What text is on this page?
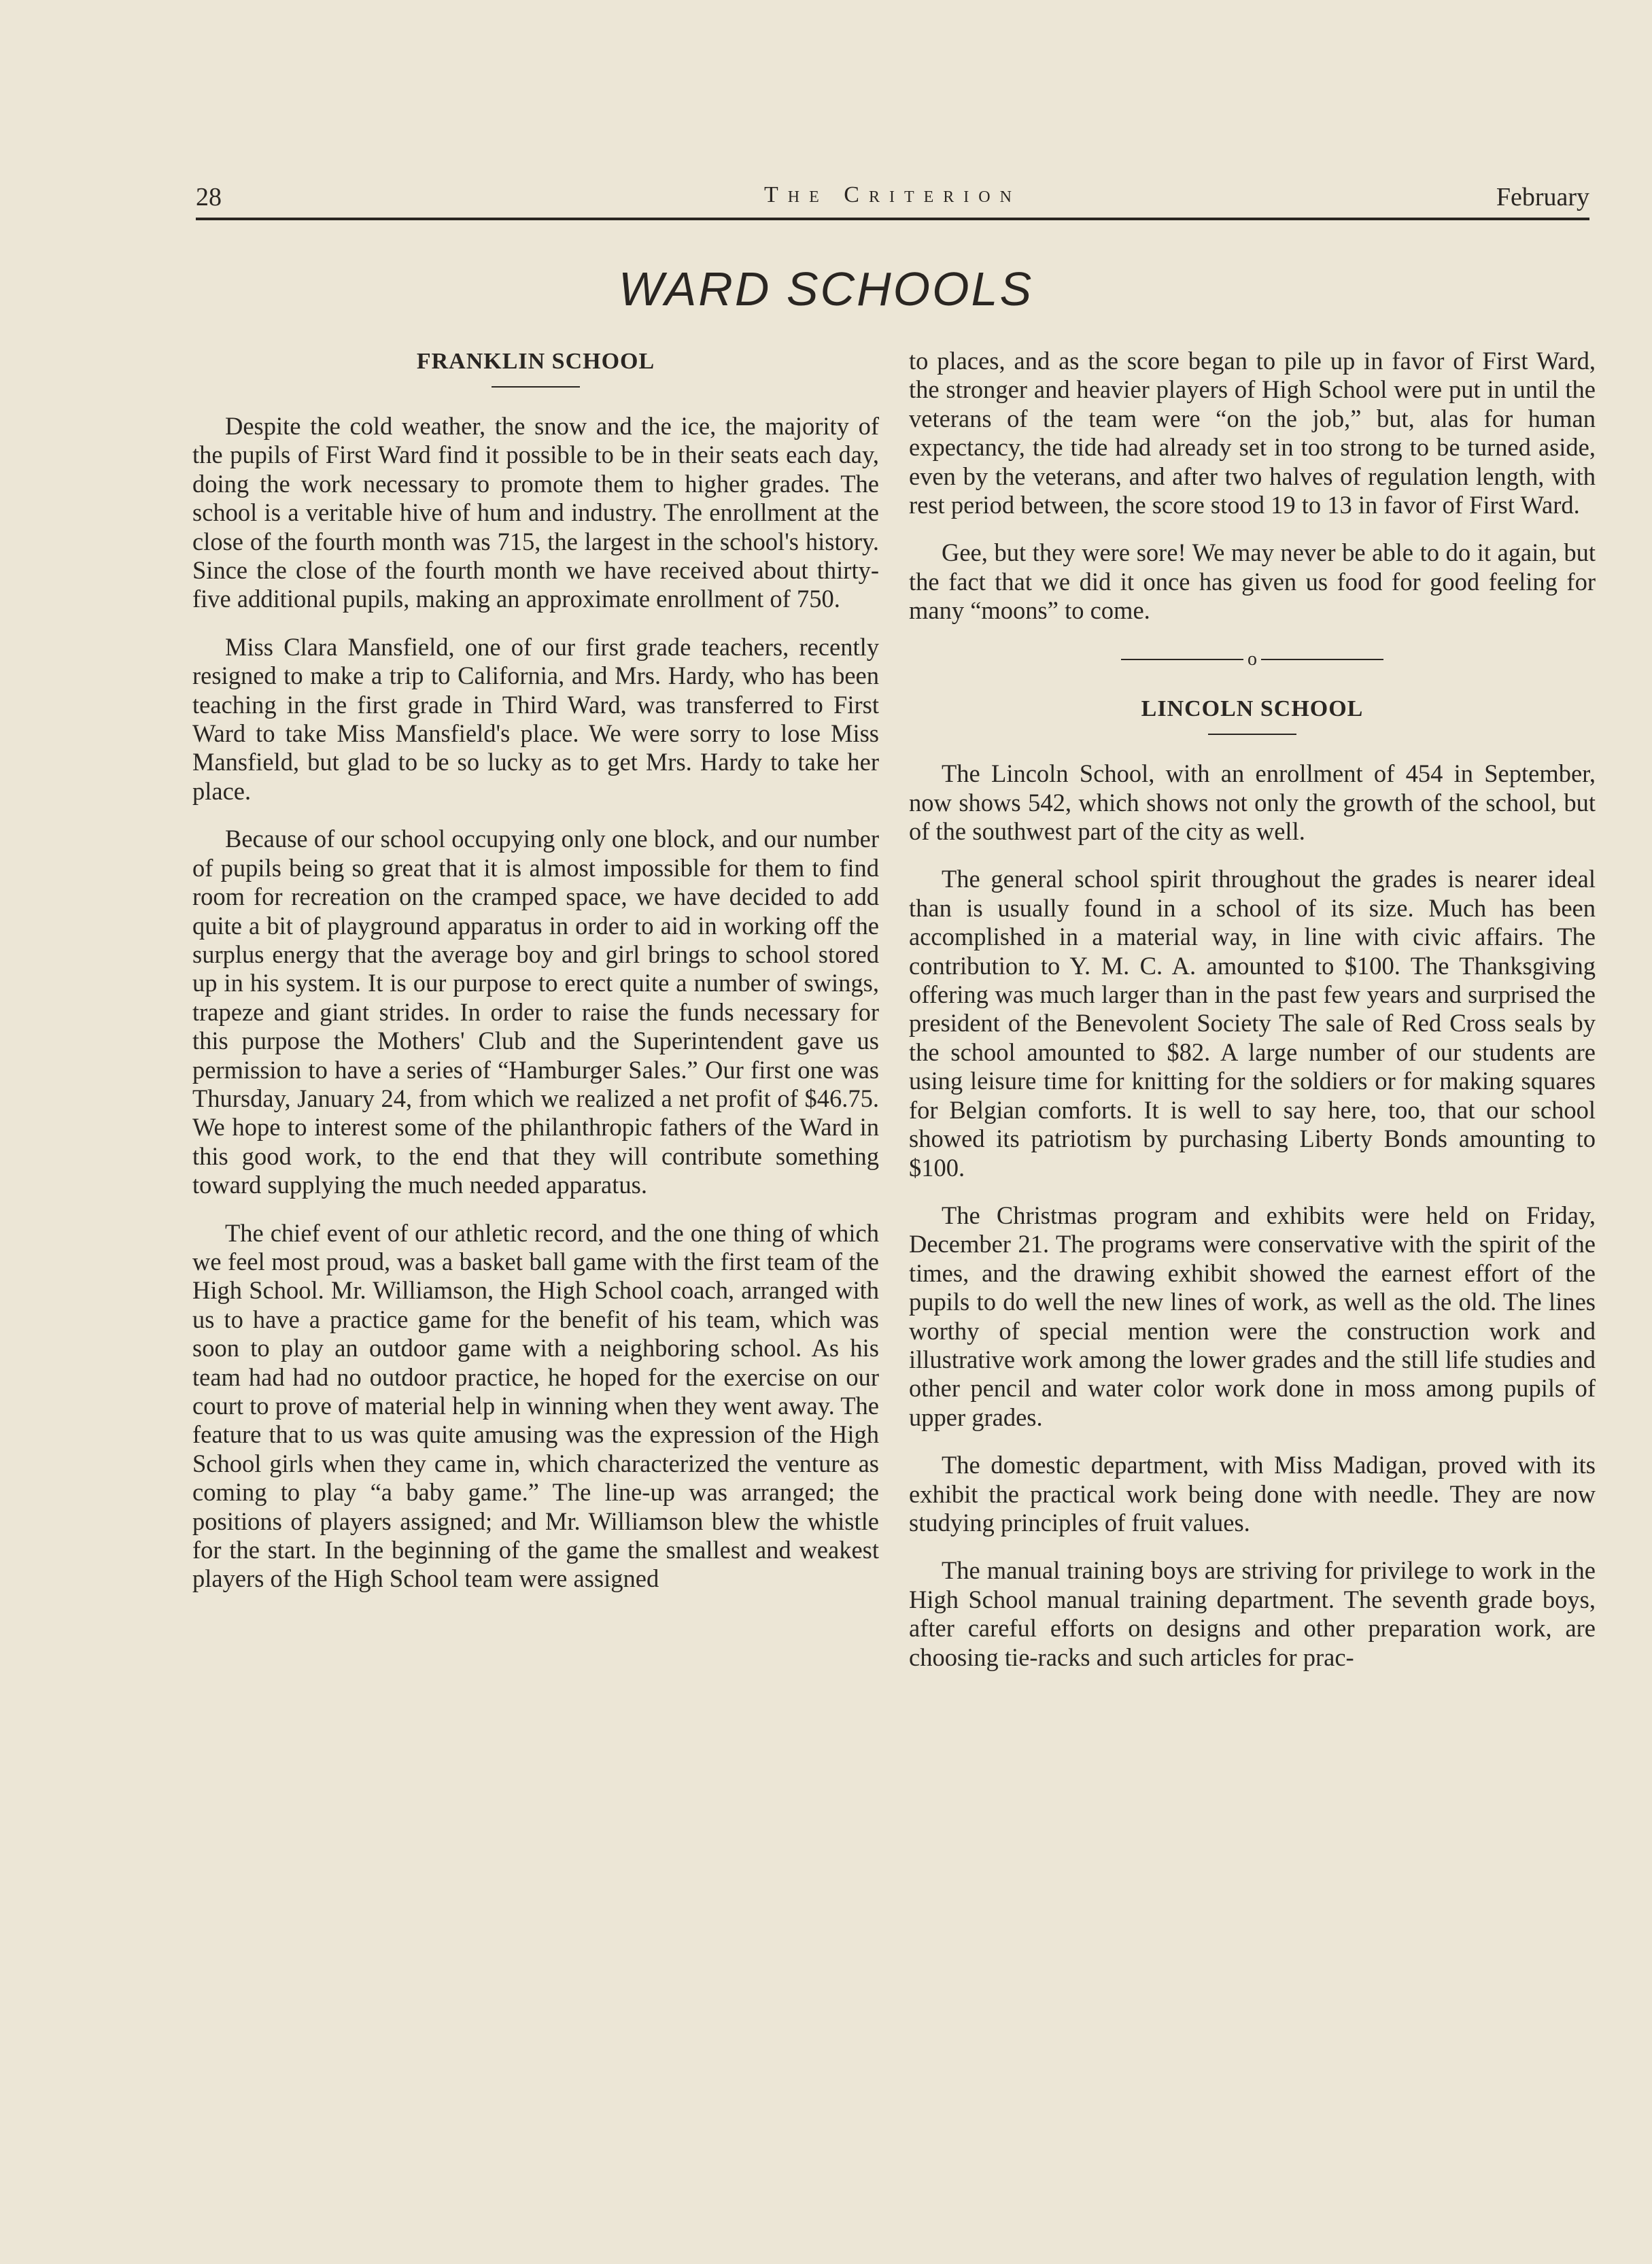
28	The Criterion	February
WARD SCHOOLS
FRANKLIN SCHOOL

Despite the cold weather, the snow and the ice, the majority of the pupils of First Ward find it possible to be in their seats each day, doing the work necessary to promote them to higher grades. The school is a veritable hive of hum and industry. The enrollment at the close of the fourth month was 715, the largest in the school's history. Since the close of the fourth month we have received about thirty-five additional pupils, making an approximate enrollment of 750.

Miss Clara Mansfield, one of our first grade teachers, recently resigned to make a trip to California, and Mrs. Hardy, who has been teaching in the first grade in Third Ward, was transferred to First Ward to take Miss Mansfield's place. We were sorry to lose Miss Mansfield, but glad to be so lucky as to get Mrs. Hardy to take her place.

Because of our school occupying only one block, and our number of pupils being so great that it is almost impossible for them to find room for recreation on the cramped space, we have decided to add quite a bit of playground apparatus in order to aid in working off the surplus energy that the average boy and girl brings to school stored up in his system. It is our purpose to erect quite a number of swings, trapeze and giant strides. In order to raise the funds necessary for this purpose the Mothers' Club and the Superintendent gave us permission to have a series of “Hamburger Sales.” Our first one was Thursday, January 24, from which we realized a net profit of $46.75. We hope to interest some of the philanthropic fathers of the Ward in this good work, to the end that they will contribute something toward supplying the much needed apparatus.

The chief event of our athletic record, and the one thing of which we feel most proud, was a basket ball game with the first team of the High School. Mr. Williamson, the High School coach, arranged with us to have a practice game for the benefit of his team, which was soon to play an outdoor game with a neighboring school. As his team had had no outdoor practice, he hoped for the exercise on our court to prove of material help in winning when they went away. The feature that to us was quite amusing was the expression of the High School girls when they came in, which characterized the venture as coming to play “a baby game.” The line-up was arranged; the positions of players assigned; and Mr. Williamson blew the whistle for the start. In the beginning of the game the smallest and weakest players of the High School team were assigned

to places, and as the score began to pile up in favor of First Ward, the stronger and heavier players of High School were put in until the veterans of the team were “on the job,” but, alas for human expectancy, the tide had already set in too strong to be turned aside, even by the veterans, and after two halves of regulation length, with rest period between, the score stood 19 to 13 in favor of First Ward.

Gee, but they were sore! We may never be able to do it again, but the fact that we did it once has given us food for good feeling for many “moons” to come.

o
LINCOLN SCHOOL

The Lincoln School, with an enrollment of 454 in September, now shows 542, which shows not only the growth of the school, but of the southwest part of the city as well.

The general school spirit throughout the grades is nearer ideal than is usually found in a school of its size. Much has been accomplished in a material way, in line with civic affairs. The contribution to Y. M. C. A. amounted to $100. The Thanksgiving offering was much larger than in the past few years and surprised the president of the Benevolent Society The sale of Red Cross seals by the school amounted to $82. A large number of our students are using leisure time for knitting for the soldiers or for making squares for Belgian comforts. It is well to say here, too, that our school showed its patriotism by purchasing Liberty Bonds amounting to $100.

The Christmas program and exhibits were held on Friday, December 21. The programs were conservative with the spirit of the times, and the drawing exhibit showed the earnest effort of the pupils to do well the new lines of work, as well as the old. The lines worthy of special mention were the construction work and illustrative work among the lower grades and the still life studies and other pencil and water color work done in moss among pupils of upper grades.

The domestic department, with Miss Madigan, proved with its exhibit the practical work being done with needle. They are now studying principles of fruit values.

The manual training boys are striving for privilege to work in the High School manual training department. The seventh grade boys, after careful efforts on designs and other preparation work, are choosing tie-racks and such articles for prac-
